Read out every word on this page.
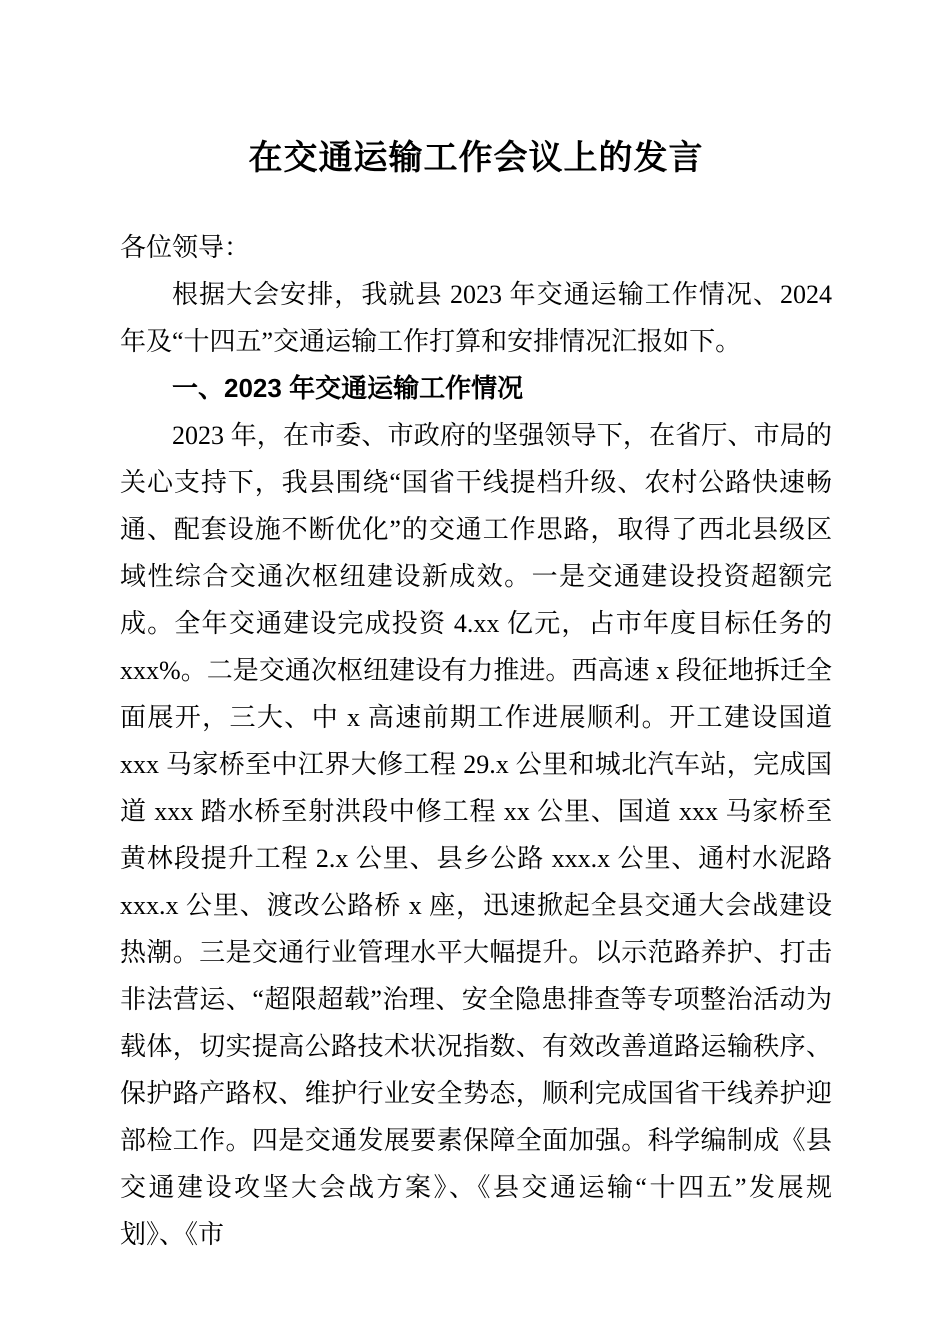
在交通运输工作会议上的发言

各位领导：

根据大会安排，我就县 2023 年交通运输工作情况、2024 年及“十四五”交通运输工作打算和安排情况汇报如下。

一、2023 年交通运输工作情况

2023 年，在市委、市政府的坚强领导下，在省厅、市局的关心支持下，我县围绕“国省干线提档升级、农村公路快速畅通、配套设施不断优化”的交通工作思路，取得了西北县级区域性综合交通次枢纽建设新成效。一是交通建设投资超额完成。全年交通建设完成投资 4.xx 亿元，占市年度目标任务的 xxx%。二是交通次枢纽建设有力推进。西高速 x 段征地拆迁全面展开，三大、中 x 高速前期工作进展顺利。开工建设国道 xxx 马家桥至中江界大修工程 29.x 公里和城北汽车站，完成国道 xxx 踏水桥至射洪段中修工程 xx 公里、国道 xxx 马家桥至黄林段提升工程 2.x 公里、县乡公路 xxx.x 公里、通村水泥路 xxx.x 公里、渡改公路桥 x 座，迅速掀起全县交通大会战建设热潮。三是交通行业管理水平大幅提升。以示范路养护、打击非法营运、“超限超载”治理、安全隐患排查等专项整治活动为载体，切实提高公路技术状况指数、有效改善道路运输秩序、保护路产路权、维护行业安全势态，顺利完成国省干线养护迎部检工作。四是交通发展要素保障全面加强。科学编制成《县交通建设攻坚大会战方案》、《县交通运输“十四五”发展规划》、《市
